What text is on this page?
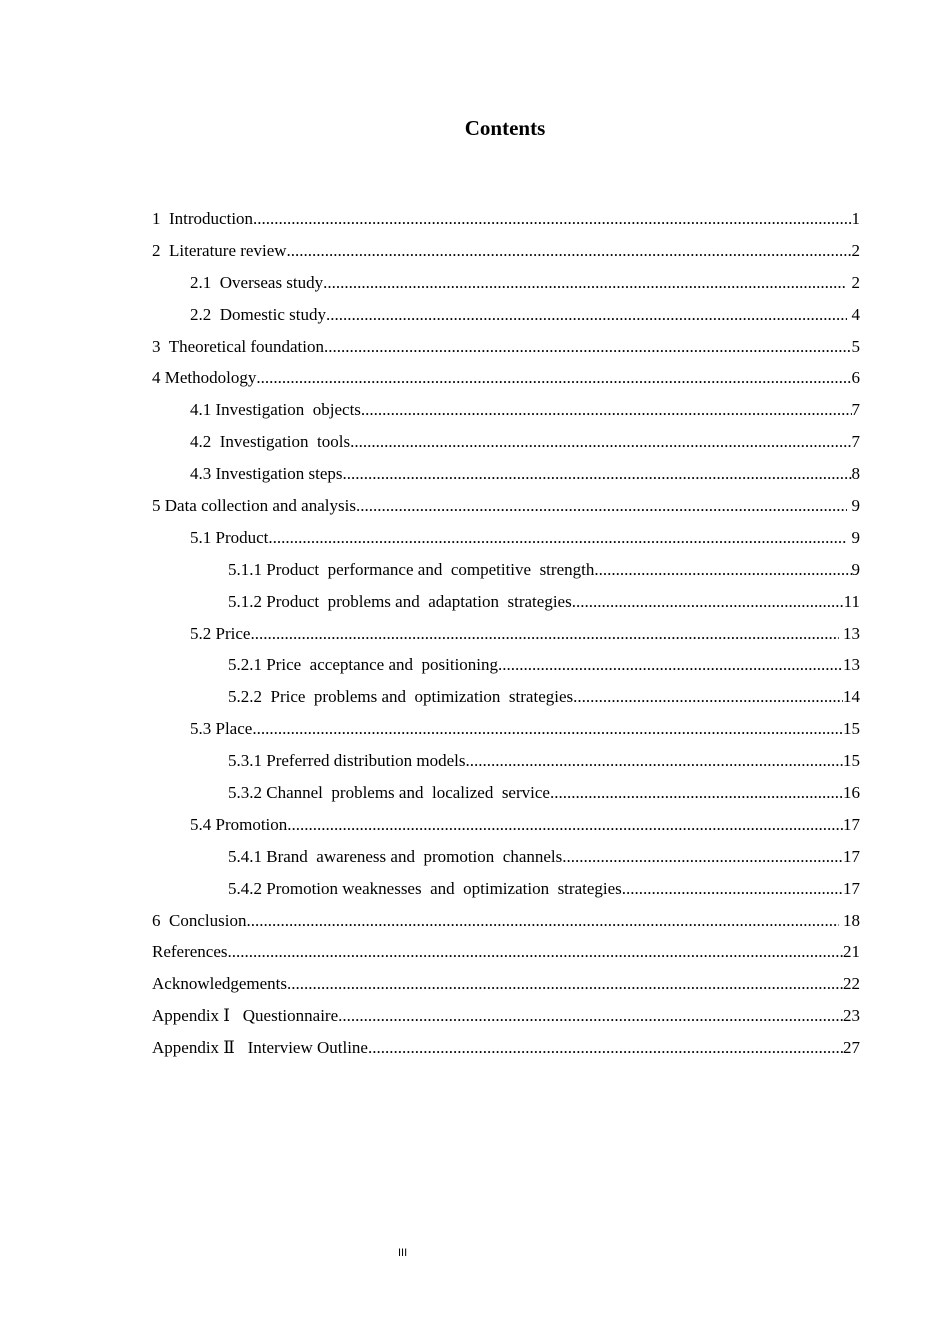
Contents
1  Introduction .....	1
2  Literature review .....	2
2.1  Overseas study .....	2
2.2  Domestic study .....	4
3  Theoretical foundation .....	5
4 Methodology .....	6
4.1 Investigation  objects .....	7
4.2  Investigation  tools .....	7
4.3 Investigation steps .....	8
5 Data collection and analysis .....	9
5.1 Product .....	9
5.1.1 Product  performance and  competitive  strength .....	9
5.1.2 Product  problems and  adaptation  strategies .....	11
5.2 Price .....	13
5.2.1 Price  acceptance and  positioning .....	13
5.2.2  Price  problems and  optimization  strategies .....	14
5.3 Place .....	15
5.3.1 Preferred distribution models .....	15
5.3.2 Channel  problems and  localized  service .....	16
5.4 Promotion .....	17
5.4.1 Brand  awareness and  promotion  channels .....	17
5.4.2 Promotion weaknesses  and  optimization  strategies .....	17
6  Conclusion .....	18
References .....	21
Acknowledgements .....	22
Appendix Ⅰ   Questionnaire .....	23
Appendix Ⅱ   Interview Outline .....	27
III
